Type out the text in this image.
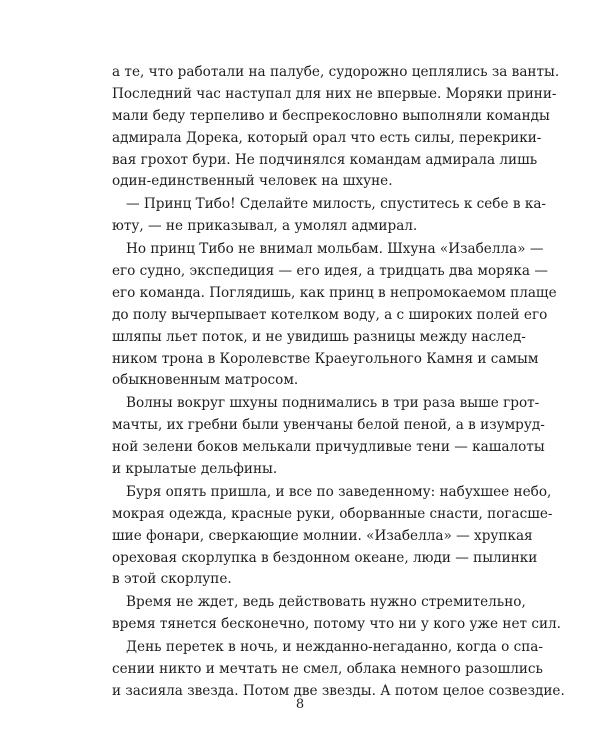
а те, что работали на палубе, судорожно цеплялись за ванты.
Последний час наступал для них не впервые. Моряки прини-
мали беду терпеливо и беспрекословно выполняли команды
адмирала Дорека, который орал что есть силы, перекрики-
вая грохот бури. Не подчинялся командам адмирала лишь
один-единственный человек на шхуне.
— Принц Тибо! Сделайте милость, спуститесь к себе в ка-
юту, — не приказывал, а умолял адмирал.
Но принц Тибо не внимал мольбам. Шхуна «Изабелла» —
его судно, экспедиция — его идея, а тридцать два моряка —
его команда. Поглядишь, как принц в непромокаемом плаще
до полу вычерпывает котелком воду, а с широких полей его
шляпы льет поток, и не увидишь разницы между наслед-
ником трона в Королевстве Краеугольного Камня и самым
обыкновенным матросом.
Волны вокруг шхуны поднимались в три раза выше грот-
мачты, их гребни были увенчаны белой пеной, а в изумруд-
ной зелени боков мелькали причудливые тени — кашалоты
и крылатые дельфины.
Буря опять пришла, и все по заведенному: набухшее небо,
мокрая одежда, красные руки, оборванные снасти, погасше-
шие фонари, сверкающие молнии. «Изабелла» — хрупкая
ореховая скорлупка в бездонном океане, люди — пылинки
в этой скорлупе.
Время не ждет, ведь действовать нужно стремительно,
время тянется бесконечно, потому что ни у кого уже нет сил.
День перетек в ночь, и нежданно-негаданно, когда о спа-
сении никто и мечтать не смел, облака немного разошлись
и засияла звезда. Потом две звезды. А потом целое созвездие.
8
